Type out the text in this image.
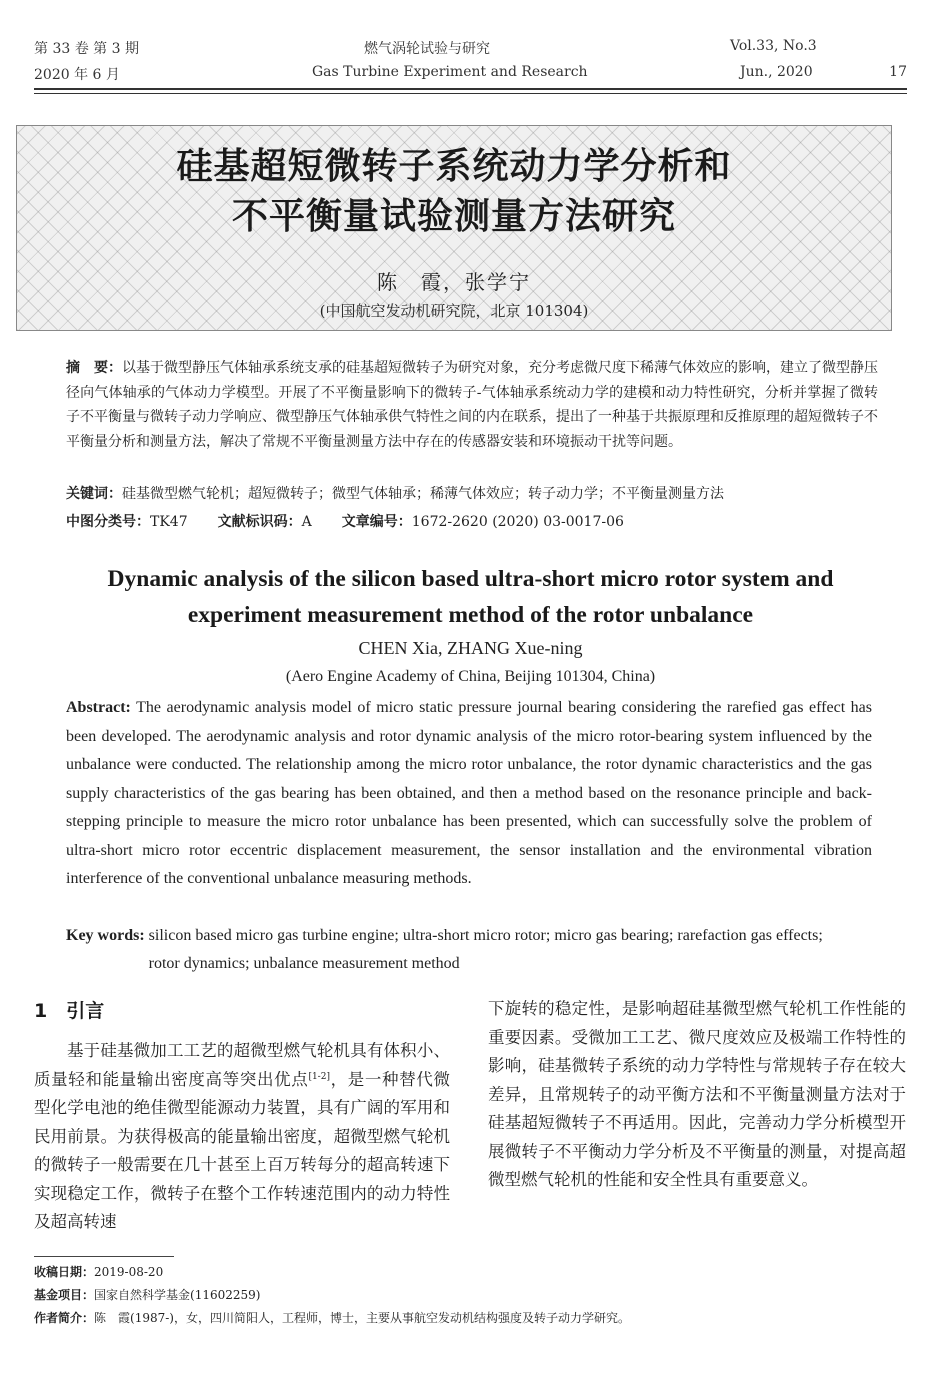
第 33 卷 第 3 期	燃气涡轮试验与研究	Vol.33, No.3
2020 年 6 月	Gas Turbine Experiment and Research	Jun., 2020	17
硅基超短微转子系统动力学分析和
不平衡量试验测量方法研究
陈　霞，张学宁
(中国航空发动机研究院，北京 101304)
摘　要：以基于微型静压气体轴承系统支承的硅基超短微转子为研究对象，充分考虑微尺度下稀薄气体效应的影响，建立了微型静压径向气体轴承的气体动力学模型。开展了不平衡量影响下的微转子-气体轴承系统动力学的建模和动力特性研究，分析并掌握了微转子不平衡量与微转子动力学响应、微型静压气体轴承供气特性之间的内在联系，提出了一种基于共振原理和反推原理的超短微转子不平衡量分析和测量方法，解决了常规不平衡量测量方法中存在的传感器安装和环境振动干扰等问题。
关键词：硅基微型燃气轮机；超短微转子；微型气体轴承；稀薄气体效应；转子动力学；不平衡量测量方法
中图分类号：TK47 文献标识码：A 文章编号：1672-2620 (2020) 03-0017-06
Dynamic analysis of the silicon based ultra-short micro rotor system and
experiment measurement method of the rotor unbalance
CHEN Xia, ZHANG Xue-ning
(Aero Engine Academy of China, Beijing 101304, China)
Abstract: The aerodynamic analysis model of micro static pressure journal bearing considering the rarefied gas effect has been developed. The aerodynamic analysis and rotor dynamic analysis of the micro rotor-bearing system influenced by the unbalance were conducted. The relationship among the micro rotor unbalance, the rotor dynamic characteristics and the gas supply characteristics of the gas bearing has been obtained, and then a method based on the resonance principle and back-stepping principle to measure the micro rotor unbalance has been presented, which can successfully solve the problem of ultra-short micro rotor eccentric displacement measurement, the sensor installation and the environmental vibration interference of the conventional unbalance measuring methods.
Key words: silicon based micro gas turbine engine; ultra-short micro rotor; micro gas bearing; rarefaction gas effects; rotor dynamics; unbalance measurement method
1　引言
基于硅基微加工工艺的超微型燃气轮机具有体积小、质量轻和能量输出密度高等突出优点[1-2]，是一种替代微型化学电池的绝佳微型能源动力装置，具有广阔的军用和民用前景。为获得极高的能量输出密度，超微型燃气轮机的微转子一般需要在几十甚至上百万转每分的超高转速下实现稳定工作，微转子在整个工作转速范围内的动力特性及超高转速
下旋转的稳定性，是影响超硅基微型燃气轮机工作性能的重要因素。受微加工工艺、微尺度效应及极端工作特性的影响，硅基微转子系统的动力学特性与常规转子存在较大差异，且常规转子的动平衡方法和不平衡量测量方法对于硅基超短微转子不再适用。因此，完善动力学分析模型开展微转子不平衡动力学分析及不平衡量的测量，对提高超微型燃气轮机的性能和安全性具有重要意义。
收稿日期：2019-08-20
基金项目：国家自然科学基金(11602259)
作者简介：陈　霞(1987-)，女，四川简阳人，工程师，博士，主要从事航空发动机结构强度及转子动力学研究。
